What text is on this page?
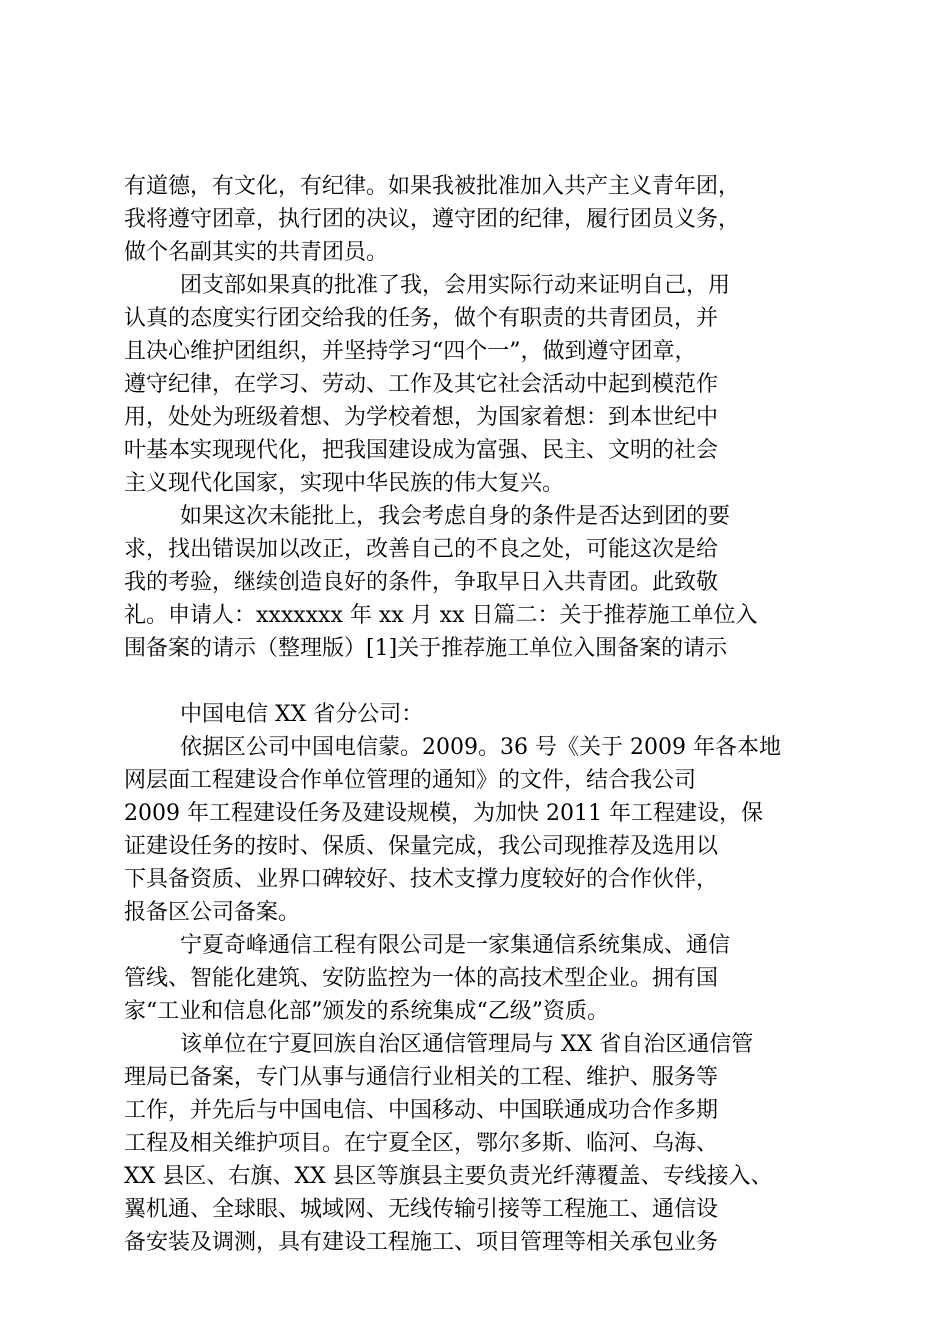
有道德，有文化，有纪律。如果我被批准加入共产主义青年团，
我将遵守团章，执行团的决议，遵守团的纪律，履行团员义务，
做个名副其实的共青团员。
团支部如果真的批准了我，会用实际行动来证明自己，用
认真的态度实行团交给我的任务，做个有职责的共青团员，并
且决心维护团组织，并坚持学习“四个一”，做到遵守团章，
遵守纪律，在学习、劳动、工作及其它社会活动中起到模范作
用，处处为班级着想、为学校着想，为国家着想：到本世纪中
叶基本实现现代化，把我国建设成为富强、民主、文明的社会
主义现代化国家，实现中华民族的伟大复兴。
如果这次未能批上，我会考虑自身的条件是否达到团的要
求，找出错误加以改正，改善自己的不良之处，可能这次是给
我的考验，继续创造良好的条件，争取早日入共青团。此致敬
礼。申请人：xxxxxxx 年 xx 月 xx 日篇二：关于推荐施工单位入
围备案的请示（整理版）[1]关于推荐施工单位入围备案的请示
中国电信 XX 省分公司：
依据区公司中国电信蒙。2009。36 号《关于 2009 年各本地
网层面工程建设合作单位管理的通知》的文件，结合我公司
2009 年工程建设任务及建设规模，为加快 2011 年工程建设，保
证建设任务的按时、保质、保量完成，我公司现推荐及选用以
下具备资质、业界口碑较好、技术支撑力度较好的合作伙伴，
报备区公司备案。
宁夏奇峰通信工程有限公司是一家集通信系统集成、通信
管线、智能化建筑、安防监控为一体的高技术型企业。拥有国
家“工业和信息化部”颁发的系统集成“乙级”资质。
该单位在宁夏回族自治区通信管理局与 XX 省自治区通信管
理局已备案，专门从事与通信行业相关的工程、维护、服务等
工作，并先后与中国电信、中国移动、中国联通成功合作多期
工程及相关维护项目。在宁夏全区，鄂尔多斯、临河、乌海、
XX 县区、右旗、XX 县区等旗县主要负责光纤薄覆盖、专线接入、
翼机通、全球眼、城域网、无线传输引接等工程施工、通信设
备安装及调测，具有建设工程施工、项目管理等相关承包业务
